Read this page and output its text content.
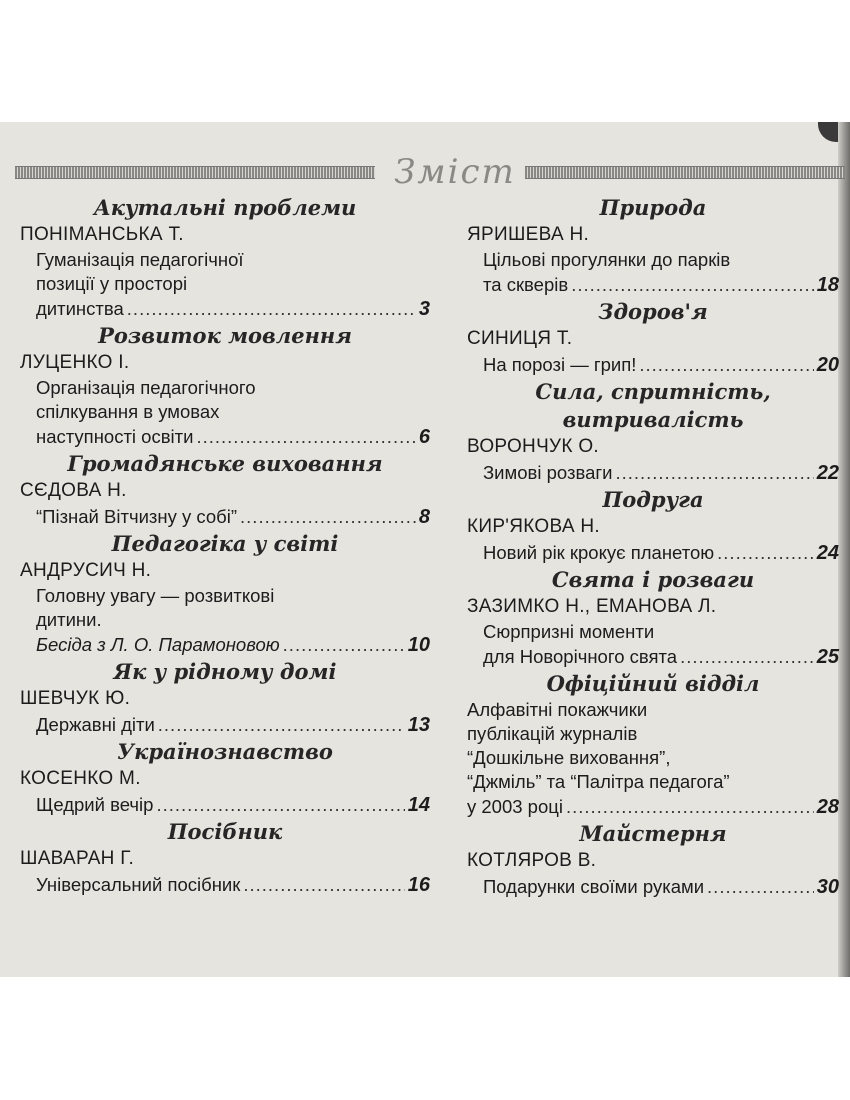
Зміст
Акутальні проблеми
ПОНІМАНСЬКА Т.
Гуманізація педагогічної
позиції у просторі
дитинства .....	3
Розвиток мовлення
ЛУЦЕНКО І.
Організація педагогічного
спілкування в умовах
наступності освіти .....	6
Громадянське виховання
СЄДОВА Н.
“Пізнай Вітчизну у собі” .....	8
Педагогіка у світі
АНДРУСИЧ Н.
Головну увагу — розвиткові
дитини.
Бесіда з Л. О. Парамоновою .....	10
Як у рідному домі
ШЕВЧУК Ю.
Державні діти .....	13
Українознавство
КОСЕНКО М.
Щедрий вечір .....	14
Посібник
ШАВАРАН Г.
Універсальний посібник .....	16
Природа
ЯРИШЕВА Н.
Цільові прогулянки до парків
та скверів .....	18
Здоров'я
СИНИЦЯ Т.
На порозі — грип! .....	20
Сила, спритність, витривалість
ВОРОНЧУК О.
Зимові розваги .....	22
Подруга
КИР'ЯКОВА Н.
Новий рік крокує планетою .....	24
Свята і розваги
ЗАЗИМКО Н., ЕМАНОВА Л.
Сюрпризні моменти
для Новорічного свята .....	25
Офіційний відділ
Алфавітні покажчики
публікацій журналів
“Дошкільне виховання”,
“Джміль” та “Палітра педагога”
у 2003 році .....	28
Майстерня
КОТЛЯРОВ В.
Подарунки своїми руками .....	30
